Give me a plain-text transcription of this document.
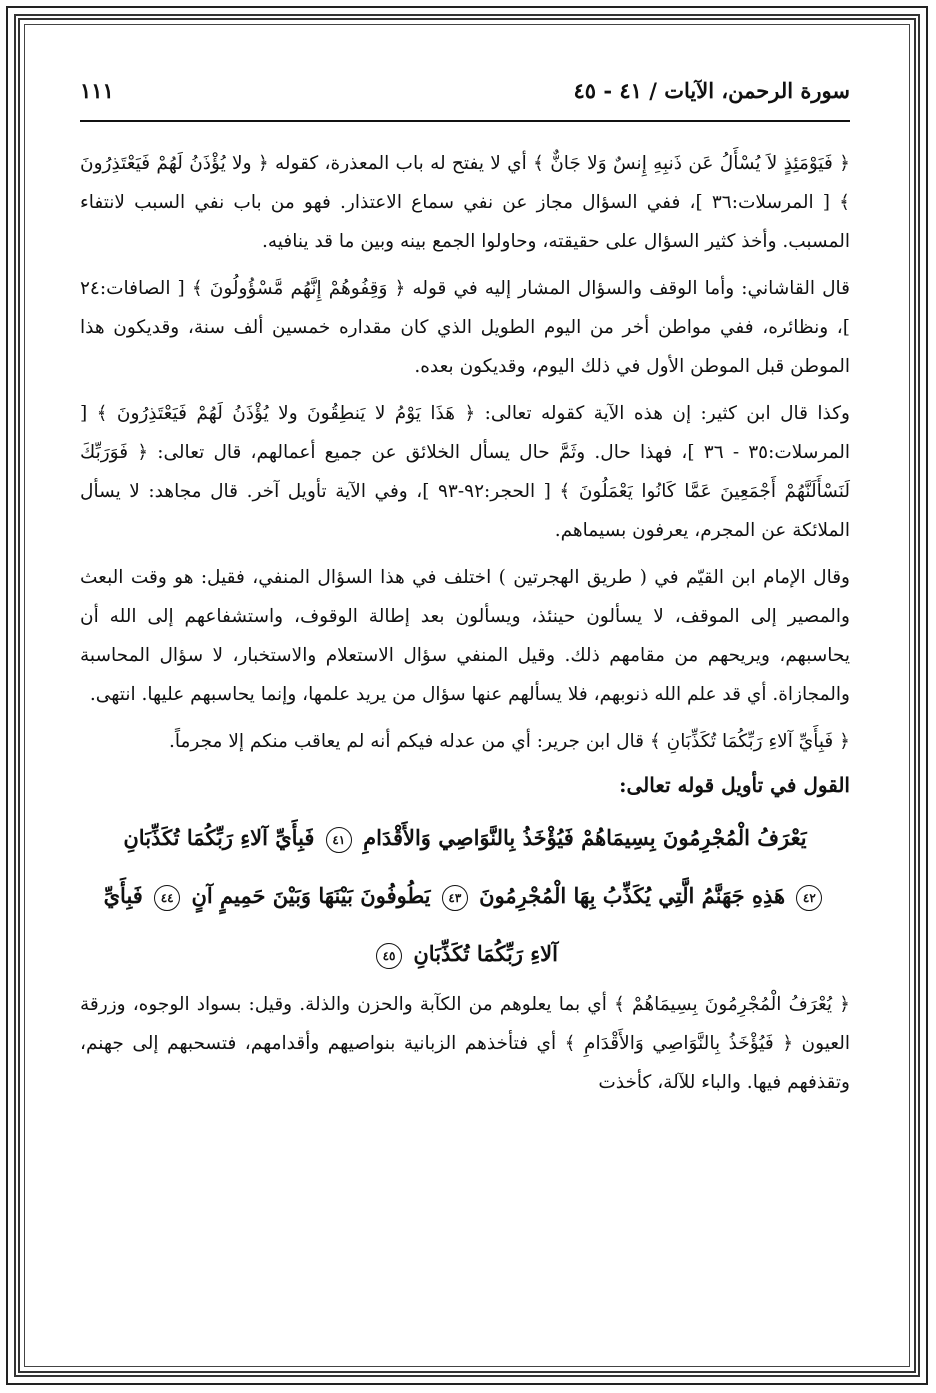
سورة الرحمن، الآيات / ٤١ - ٤٥
١١١

﴿ فَيَوْمَئِذٍ لاَ يُسْأَلُ عَن ذَنبِهِ إِنسٌ وَلا جَانٌّ ﴾ أي لا يفتح له باب المعذرة، كقوله ﴿ ولا يُؤْذَنُ لَهُمْ فَيَعْتَذِرُونَ ﴾ [ المرسلات:٣٦ ]، ففي السؤال مجاز عن نفي سماع الاعتذار. فهو من باب نفي السبب لانتفاء المسبب. وأخذ كثير السؤال على حقيقته، وحاولوا الجمع بينه وبين ما قد ينافيه.

قال القاشاني: وأما الوقف والسؤال المشار إليه في قوله ﴿ وَقِفُوهُمْ إِنَّهُم مَّسْؤُولُونَ ﴾ [ الصافات:٢٤ ]، ونظائره، ففي مواطن أخر من اليوم الطويل الذي كان مقداره خمسين ألف سنة، وقديكون هذا الموطن قبل الموطن الأول في ذلك اليوم، وقديكون بعده.

وكذا قال ابن كثير: إن هذه الآية كقوله تعالى: ﴿ هَذَا يَوْمُ لا يَنطِقُونَ ولا يُؤْذَنُ لَهُمْ فَيَعْتَذِرُونَ ﴾ [ المرسلات:٣٥ - ٣٦ ]، فهذا حال. وثَمَّ حال يسأل الخلائق عن جميع أعمالهم، قال تعالى: ﴿ فَوَرَبِّكَ لَنَسْأَلَنَّهُمْ أَجْمَعِينَ عَمَّا كَانُوا يَعْمَلُونَ ﴾ [ الحجر:٩٢-٩٣ ]، وفي الآية تأويل آخر. قال مجاهد: لا يسأل الملائكة عن المجرم، يعرفون بسيماهم.

وقال الإمام ابن القيّم في ( طريق الهجرتين ) اختلف في هذا السؤال المنفي، فقيل: هو وقت البعث والمصير إلى الموقف، لا يسألون حينئذ، ويسألون بعد إطالة الوقوف، واستشفاعهم إلى الله أن يحاسبهم، ويريحهم من مقامهم ذلك. وقيل المنفي سؤال الاستعلام والاستخبار، لا سؤال المحاسبة والمجازاة. أي قد علم الله ذنوبهم، فلا يسألهم عنها سؤال من يريد علمها، وإنما يحاسبهم عليها. انتهى.

﴿ فَبِأَيِّ آلاءِ رَبِّكُمَا تُكَذِّبَانِ ﴾ قال ابن جرير: أي من عدله فيكم أنه لم يعاقب منكم إلا مجرماً.

القول في تأويل قوله تعالى:
يَعْرَفُ الْمُجْرِمُونَ بِسِيمَاهُمْ فَيُؤْخَذُ بِالنَّوَاصِي وَالأَقْدَامِ ٤١ فَبِأَيِّ آلاءِ رَبِّكُمَا تُكَذِّبَانِ
٤٢ هَذِهِ جَهَنَّمُ الَّتِي يُكَذِّبُ بِهَا الْمُجْرِمُونَ ٤٣ يَطُوفُونَ بَيْنَهَا وَبَيْنَ حَمِيمٍ آنٍ ٤٤ فَبِأَيِّ
آلاءِ رَبِّكُمَا تُكَذِّبَانِ ٤٥

﴿ يُعْرَفُ الْمُجْرِمُونَ بِسِيمَاهُمْ ﴾ أي بما يعلوهم من الكآبة والحزن والذلة. وقيل: بسواد الوجوه، وزرقة العيون ﴿ فَيُؤْخَذُ بِالنَّوَاصِي وَالأَقْدَامِ ﴾ أي فتأخذهم الزبانية بنواصيهم وأقدامهم، فتسحبهم إلى جهنم، وتقذفهم فيها. والباء للآلة، كأخذت
